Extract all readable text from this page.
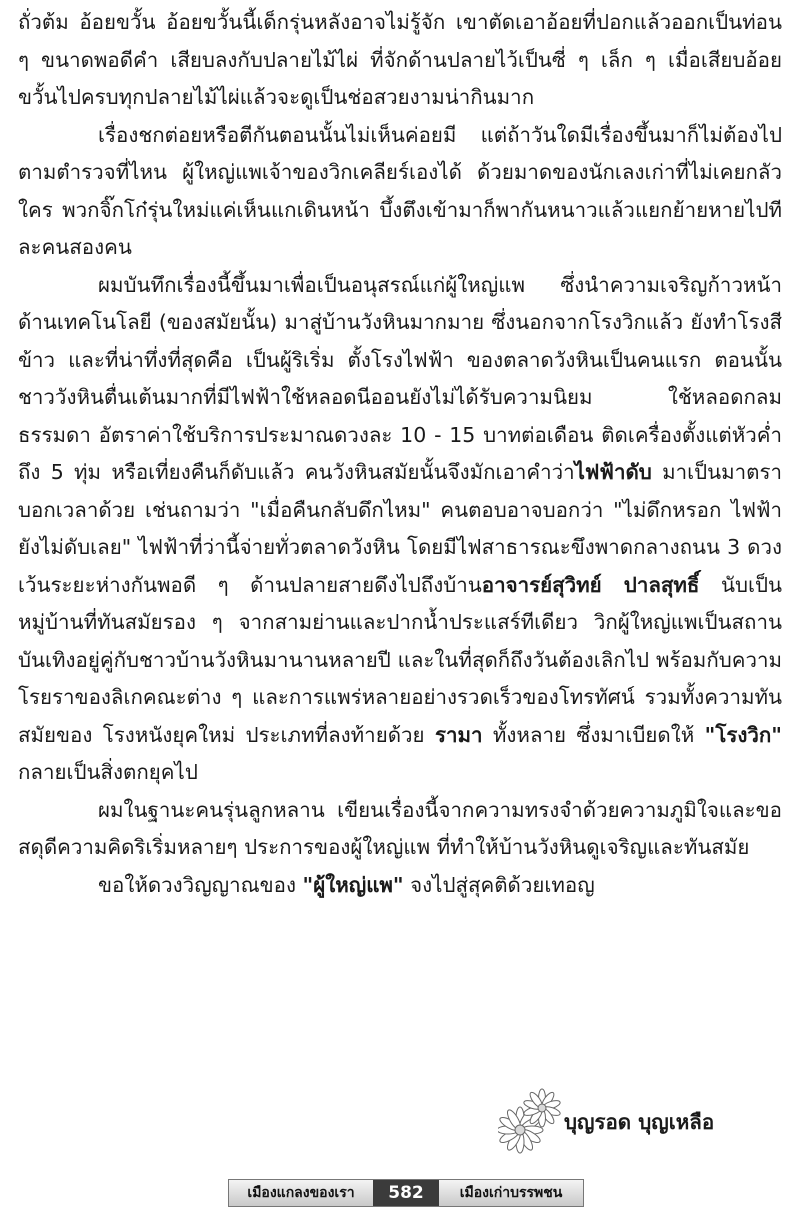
ถั่วต้ม อ้อยขวั้น อ้อยขวั้นนี้เด็กรุ่นหลังอาจไม่รู้จัก เขาตัดเอาอ้อยที่ปอกแล้วออกเป็นท่อน ๆ ขนาดพอดีคำ เสียบลงกับปลายไม้ไผ่ ที่จักด้านปลายไว้เป็นซี่ ๆ เล็ก ๆ เมื่อเสียบอ้อยขวั้นไปครบทุกปลายไม้ไผ่แล้วจะดูเป็นช่อสวยงามน่ากินมาก

เรื่องชกต่อยหรือตีกันตอนนั้นไม่เห็นค่อยมี แต่ถ้าวันใดมีเรื่องขึ้นมาก็ไม่ต้องไปตามตำรวจที่ไหน ผู้ใหญ่แพเจ้าของวิกเคลียร์เองได้ ด้วยมาดของนักเลงเก่าที่ไม่เคยกลัวใคร พวกจิ๊กโก๋รุ่นใหม่แค่เห็นแกเดินหน้า บึ้งตึงเข้ามาก็พากันหนาวแล้วแยกย้ายหายไปทีละคนสองคน

ผมบันทึกเรื่องนี้ขึ้นมาเพื่อเป็นอนุสรณ์แก่ผู้ใหญ่แพ ซึ่งนำความเจริญก้าวหน้าด้านเทคโนโลยี (ของสมัยนั้น) มาสู่บ้านวังหินมากมาย ซึ่งนอกจากโรงวิกแล้ว ยังทำโรงสีข้าว และที่น่าทึ่งที่สุดคือ เป็นผู้ริเริ่ม ตั้งโรงไฟฟ้า ของตลาดวังหินเป็นคนแรก ตอนนั้นชาววังหินตื่นเต้นมากที่มีไฟฟ้าใช้หลอดนีออนยังไม่ได้รับความนิยม ใช้หลอดกลมธรรมดา อัตราค่าใช้บริการประมาณดวงละ 10 - 15 บาทต่อเดือน ติดเครื่องตั้งแต่หัวค่ำ ถึง 5 ทุ่ม หรือเที่ยงคืนก็ดับแล้ว คนวังหินสมัยนั้นจึงมักเอาคำว่าไฟฟ้าดับ มาเป็นมาตราบอกเวลาด้วย เช่นถามว่า "เมื่อคืนกลับดึกไหม" คนตอบอาจบอกว่า "ไม่ดึกหรอก ไฟฟ้ายังไม่ดับเลย" ไฟฟ้าที่ว่านี้จ่ายทั่วตลาดวังหิน โดยมีไฟสาธารณะขึงพาดกลางถนน 3 ดวง เว้นระยะห่างกันพอดี ๆ ด้านปลายสายดึงไปถึงบ้านอาจารย์สุวิทย์ ปาลสุทธิ์ นับเป็นหมู่บ้านที่ทันสมัยรอง ๆ จากสามย่านและปากน้ำประแสร์ทีเดียว วิกผู้ใหญ่แพเป็นสถานบันเทิงอยู่คู่กับชาวบ้านวังหินมานานหลายปี และในที่สุดก็ถึงวันต้องเลิกไป พร้อมกับความโรยราของลิเกคณะต่าง ๆ และการแพร่หลายอย่างรวดเร็วของโทรทัศน์ รวมทั้งความทันสมัยของ โรงหนังยุคใหม่ ประเภทที่ลงท้ายด้วย รามา ทั้งหลาย ซึ่งมาเบียดให้ "โรงวิก" กลายเป็นสิ่งตกยุคไป

ผมในฐานะคนรุ่นลูกหลาน เขียนเรื่องนี้จากความทรงจำด้วยความภูมิใจและขอสดุดีความคิดริเริ่มหลายๆ ประการของผู้ใหญ่แพ ที่ทำให้บ้านวังหินดูเจริญและทันสมัย

ขอให้ดวงวิญญาณของ "ผู้ใหญ่แพ" จงไปสู่สุคติด้วยเทอญ

บุญรอด บุญเหลือ
เมืองแกลงของเรา	582	เมืองเก่าบรรพชน
